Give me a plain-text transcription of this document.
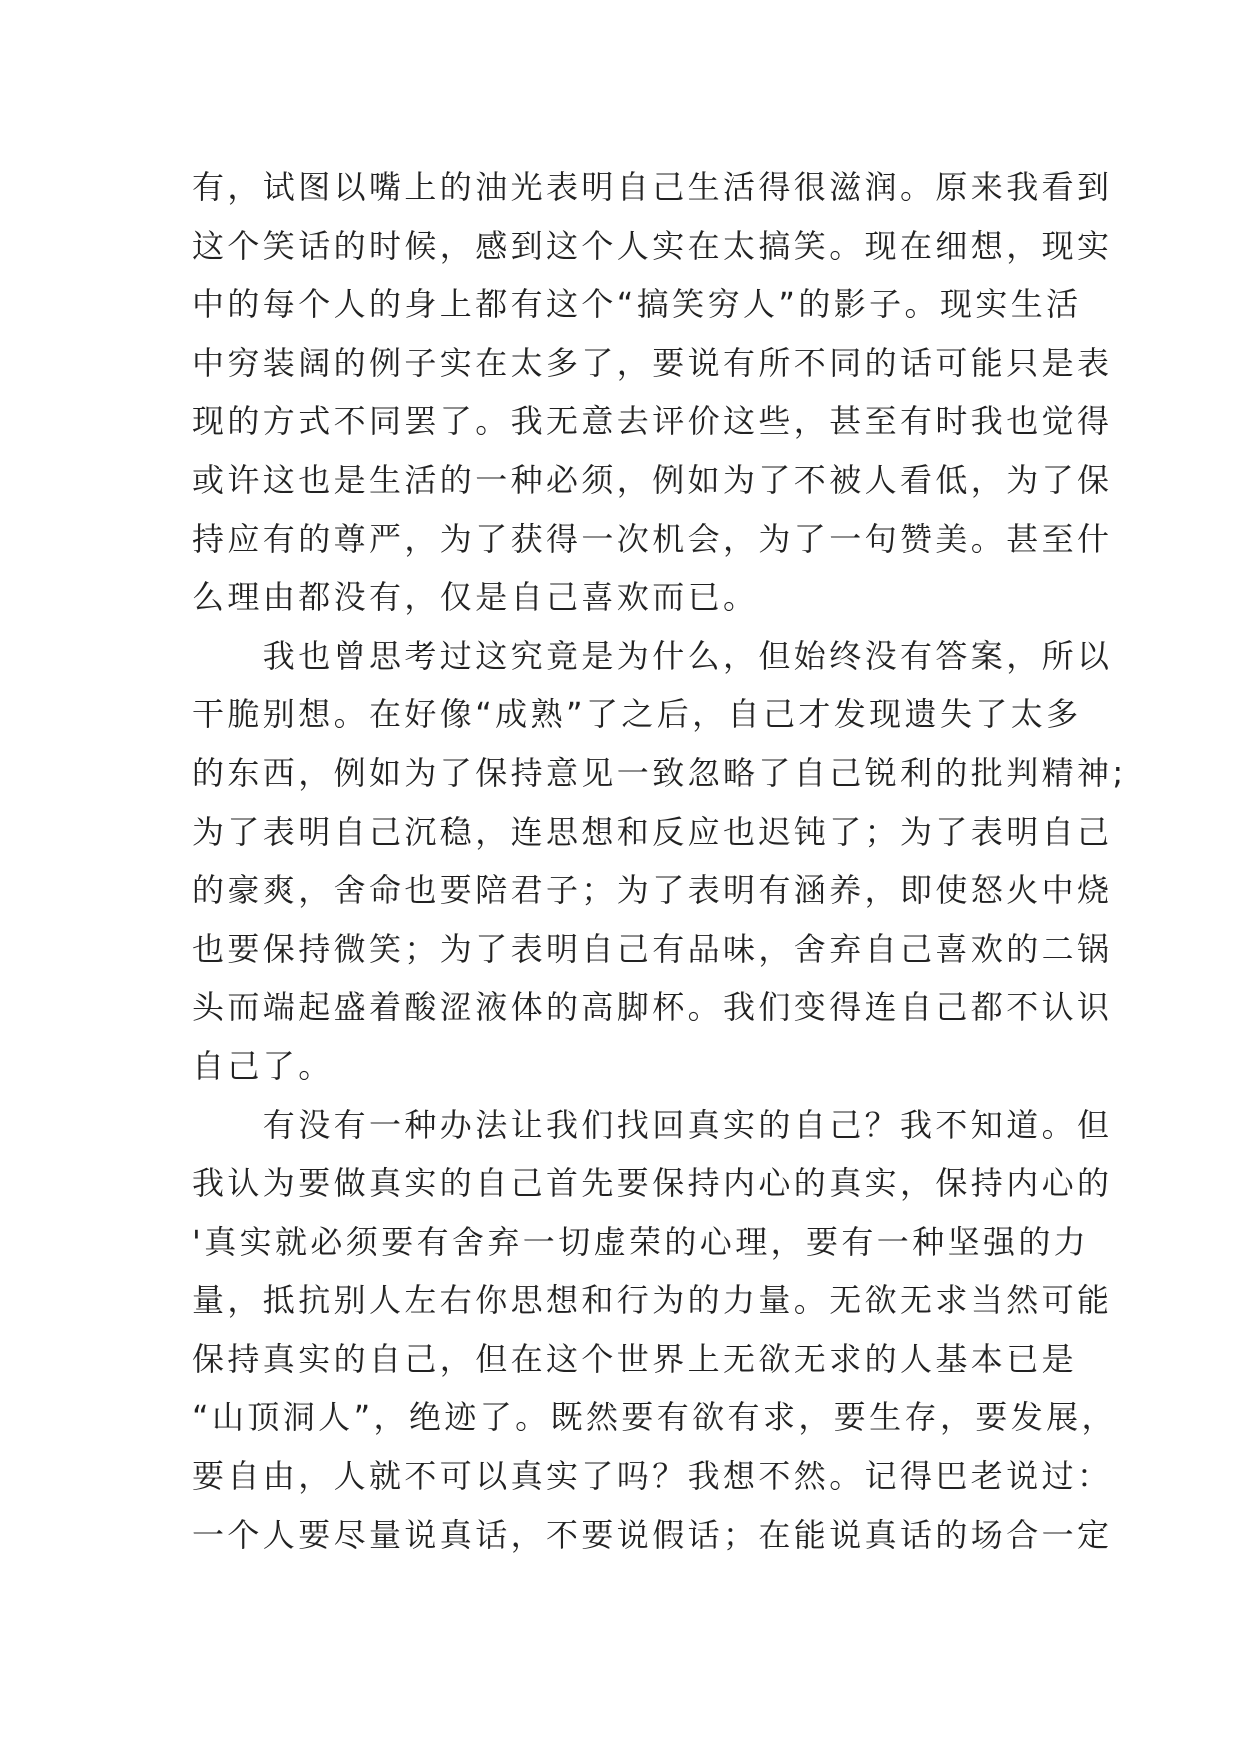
有，试图以嘴上的油光表明自己生活得很滋润。原来我看到
这个笑话的时候，感到这个人实在太搞笑。现在细想，现实
中的每个人的身上都有这个“搞笑穷人”的影子。现实生活
中穷装阔的例子实在太多了，要说有所不同的话可能只是表
现的方式不同罢了。我无意去评价这些，甚至有时我也觉得
或许这也是生活的一种必须，例如为了不被人看低，为了保
持应有的尊严，为了获得一次机会，为了一句赞美。甚至什
么理由都没有，仅是自己喜欢而已。
　　我也曾思考过这究竟是为什么，但始终没有答案，所以
干脆别想。在好像“成熟”了之后，自己才发现遗失了太多
的东西，例如为了保持意见一致忽略了自己锐利的批判精神;
为了表明自己沉稳，连思想和反应也迟钝了；为了表明自己
的豪爽，舍命也要陪君子；为了表明有涵养，即使怒火中烧
也要保持微笑；为了表明自己有品味，舍弃自己喜欢的二锅
头而端起盛着酸涩液体的高脚杯。我们变得连自己都不认识
自己了。
　　有没有一种办法让我们找回真实的自己？我不知道。但
我认为要做真实的自己首先要保持内心的真实，保持内心的
'真实就必须要有舍弃一切虚荣的心理，要有一种坚强的力
量，抵抗别人左右你思想和行为的力量。无欲无求当然可能
保持真实的自己，但在这个世界上无欲无求的人基本已是
“山顶洞人”，绝迹了。既然要有欲有求，要生存，要发展，
要自由，人就不可以真实了吗？我想不然。记得巴老说过：
一个人要尽量说真话，不要说假话；在能说真话的场合一定
